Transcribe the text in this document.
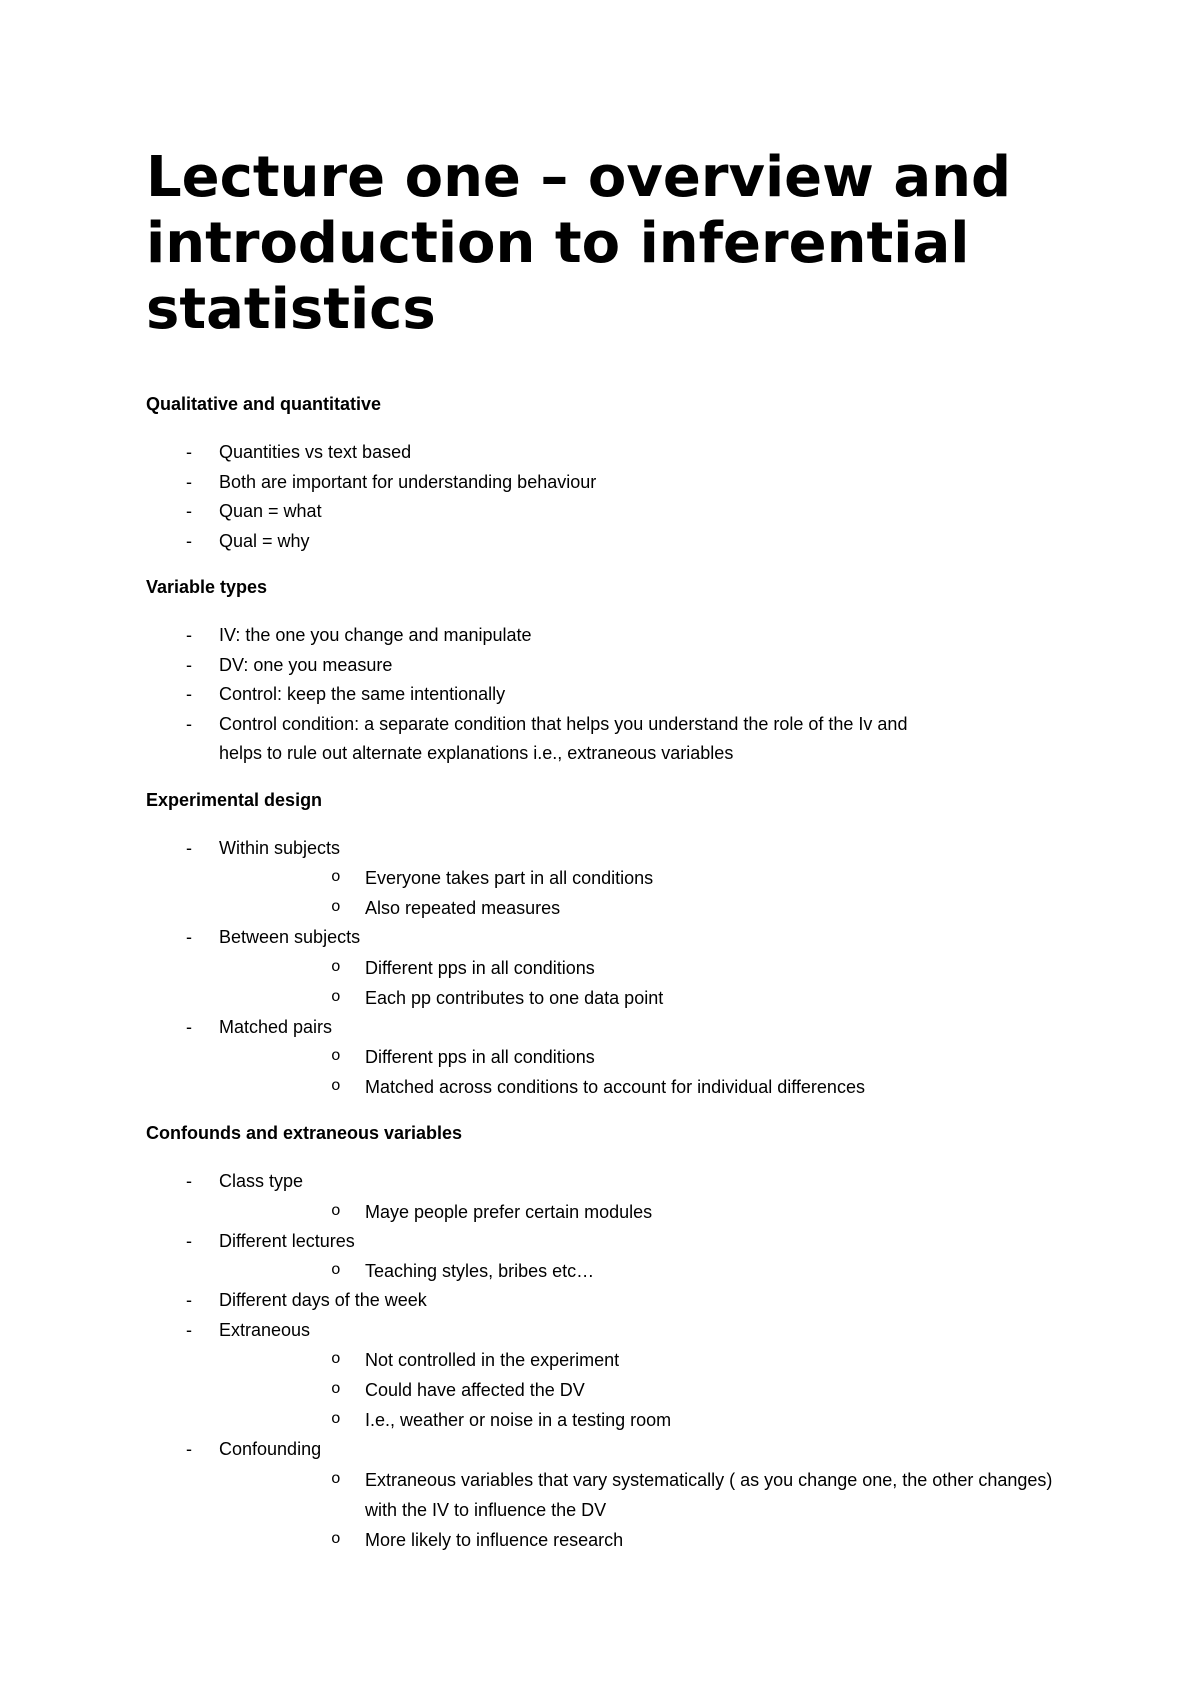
Lecture one – overview and
introduction to inferential
statistics

Qualitative and quantitative

- Quantities vs text based
- Both are important for understanding behaviour
- Quan = what
- Qual = why

Variable types

- IV: the one you change and manipulate
- DV: one you measure
- Control: keep the same intentionally
- Control condition: a separate condition that helps you understand the role of the Iv and
helps to rule out alternate explanations i.e., extraneous variables

Experimental design

- Within subjects
o Everyone takes part in all conditions
o Also repeated measures
- Between subjects
o Different pps in all conditions
o Each pp contributes to one data point
- Matched pairs
o Different pps in all conditions
o Matched across conditions to account for individual differences

Confounds and extraneous variables

- Class type
o Maye people prefer certain modules
- Different lectures
o Teaching styles, bribes etc…
- Different days of the week
- Extraneous
o Not controlled in the experiment
o Could have affected the DV
o I.e., weather or noise in a testing room
- Confounding
o Extraneous variables that vary systematically ( as you change one, the other changes)
with the IV to influence the DV
o More likely to influence research
